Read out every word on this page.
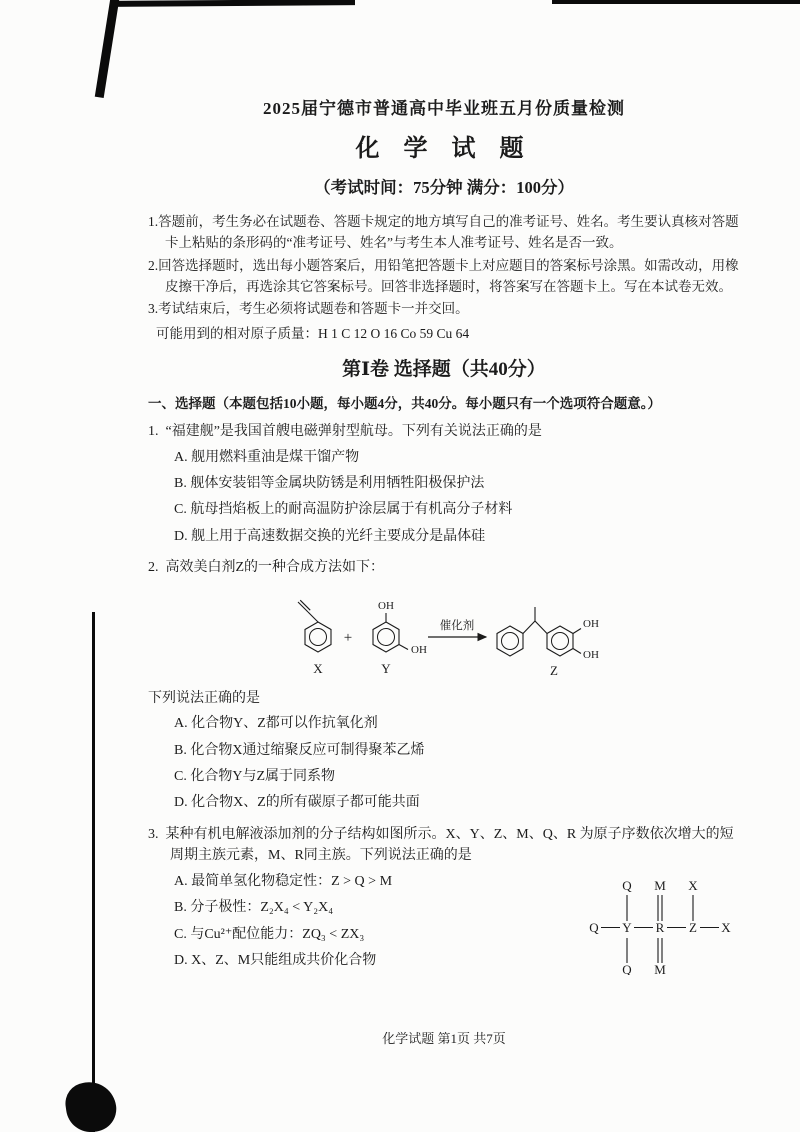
2025届宁德市普通高中毕业班五月份质量检测
化 学 试 题
（考试时间：75分钟 满分：100分）

1.答题前，考生务必在试题卷、答题卡规定的地方填写自己的准考证号、姓名。考生要认真核对答题卡上粘贴的条形码的“准考证号、姓名”与考生本人准考证号、姓名是否一致。

2.回答选择题时，选出每小题答案后，用铅笔把答题卡上对应题目的答案标号涂黑。如需改动，用橡皮擦干净后，再选涂其它答案标号。回答非选择题时，将答案写在答题卡上。写在本试卷无效。

3.考试结束后，考生必须将试题卷和答题卡一并交回。

可能用到的相对原子质量：H 1 C 12 O 16 Co 59 Cu 64

第Ⅰ卷 选择题（共40分）

一、选择题（本题包括10小题，每小题4分，共40分。每小题只有一个选项符合题意。）

1. “福建舰”是我国首艘电磁弹射型航母。下列有关说法正确的是

A. 舰用燃料重油是煤干馏产物

B. 舰体安装铝等金属块防锈是利用牺牲阳极保护法

C. 航母挡焰板上的耐高温防护涂层属于有机高分子材料

D. 舰上用于高速数据交换的光纤主要成分是晶体硅

2. 高效美白剂Z的一种合成方法如下：

X
+
OH
OH
Y
催化剂	OH
OH
Z

下列说法正确的是

A. 化合物Y、Z都可以作抗氧化剂

B. 化合物X通过缩聚反应可制得聚苯乙烯

C. 化合物Y与Z属于同系物

D. 化合物X、Z的所有碳原子都可能共面

3. 某种有机电解液添加剂的分子结构如图所示。X、Y、Z、M、Q、R 为原子序数依次增大的短周期主族元素，M、R同主族。下列说法正确的是

A. 最简单氢化物稳定性：Z > Q > M

B. 分子极性：Z₂X₄ < Y₂X₄

C. 与Cu²⁺配位能力：ZQ₃ < ZX₃

D. X、Z、M只能组成共价化合物

Q M X
Q Y R Z X
Q M
化学试题 第1页 共7页
